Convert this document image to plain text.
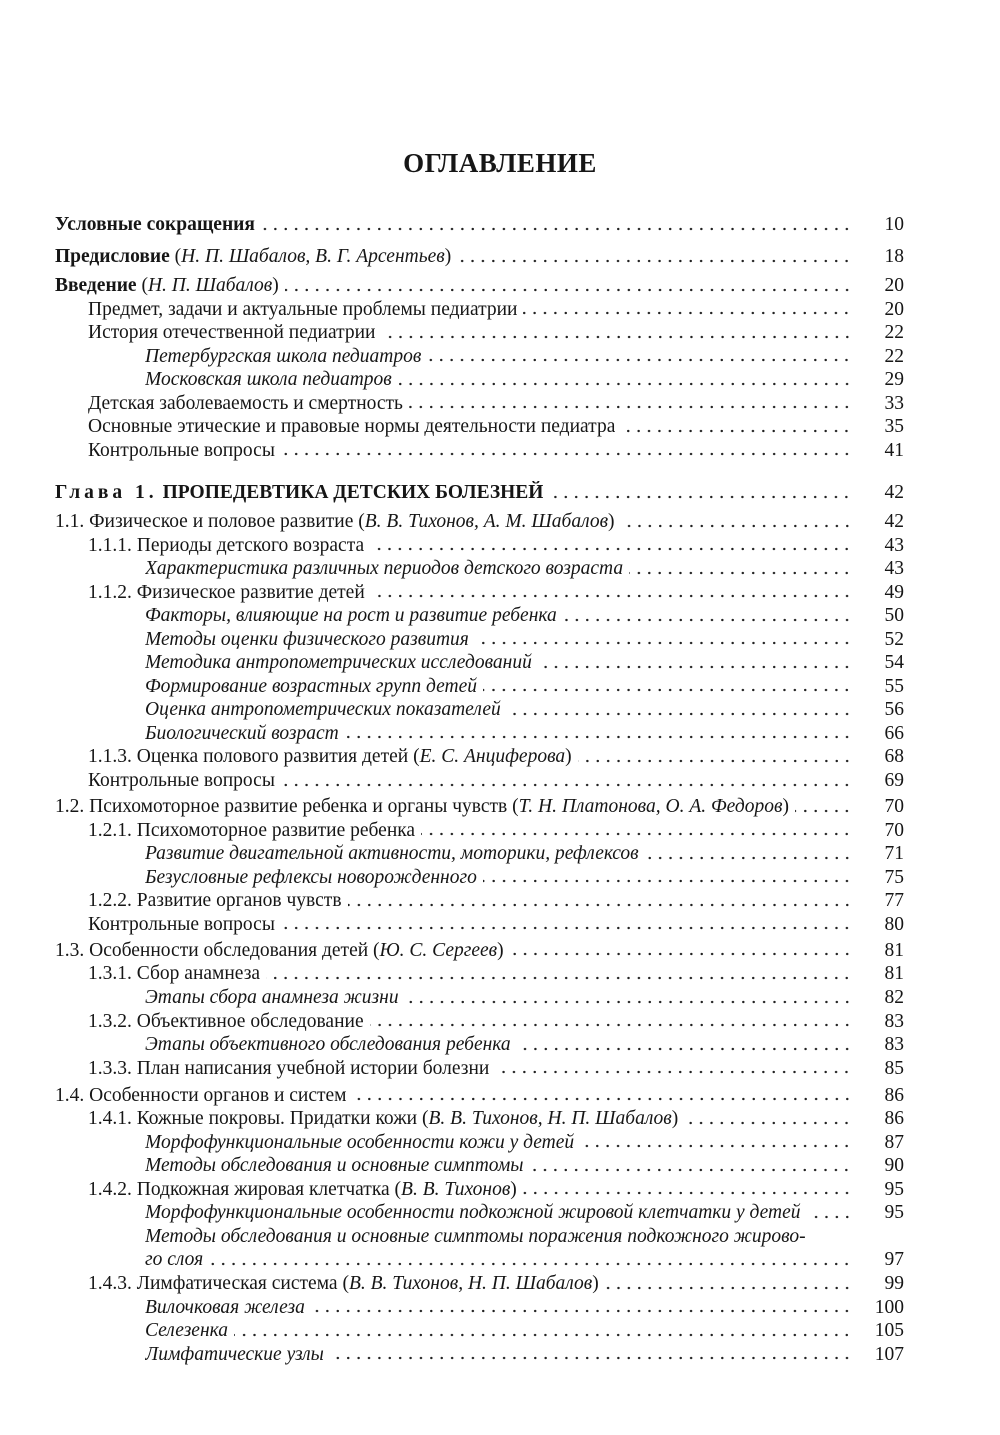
ОГЛАВЛЕНИЕ
Условные сокращения	10
Предисловие (Н. П. Шабалов, В. Г. Арсентьев)	18
Введение (Н. П. Шабалов)	20
Предмет, задачи и актуальные проблемы педиатрии	20
История отечественной педиатрии	22
Петербургская школа педиатров	22
Московская школа педиатров	29
Детская заболеваемость и смертность	33
Основные этические и правовые нормы деятельности педиатра	35
Контрольные вопросы	41
Глава 1. ПРОПЕДЕВТИКА ДЕТСКИХ БОЛЕЗНЕЙ	42
1.1. Физическое и половое развитие (В. В. Тихонов, А. М. Шабалов)	42
1.1.1. Периоды детского возраста	43
Характеристика различных периодов детского возраста	43
1.1.2. Физическое развитие детей	49
Факторы, влияющие на рост и развитие ребенка	50
Методы оценки физического развития	52
Методика антропометрических исследований	54
Формирование возрастных групп детей	55
Оценка антропометрических показателей	56
Биологический возраст	66
1.1.3. Оценка полового развития детей (Е. С. Анциферова)	68
Контрольные вопросы	69
1.2. Психомоторное развитие ребенка и органы чувств (Т. Н. Платонова, О. А. Федоров)	70
1.2.1. Психомоторное развитие ребенка	70
Развитие двигательной активности, моторики, рефлексов	71
Безусловные рефлексы новорожденного	75
1.2.2. Развитие органов чувств	77
Контрольные вопросы	80
1.3. Особенности обследования детей (Ю. С. Сергеев)	81
1.3.1. Сбор анамнеза	81
Этапы сбора анамнеза жизни	82
1.3.2. Объективное обследование	83
Этапы объективного обследования ребенка	83
1.3.3. План написания учебной истории болезни	85
1.4. Особенности органов и систем	86
1.4.1. Кожные покровы. Придатки кожи (В. В. Тихонов, Н. П. Шабалов)	86
Морфофункциональные особенности кожи у детей	87
Методы обследования и основные симптомы	90
1.4.2. Подкожная жировая клетчатка (В. В. Тихонов)	95
Морфофункциональные особенности подкожной жировой клетчатки у детей	95
Методы обследования и основные симптомы поражения подкожного жирово-
го слоя	97
1.4.3. Лимфатическая система (В. В. Тихонов, Н. П. Шабалов)	99
Вилочковая железа	100
Селезенка	105
Лимфатические узлы	107
